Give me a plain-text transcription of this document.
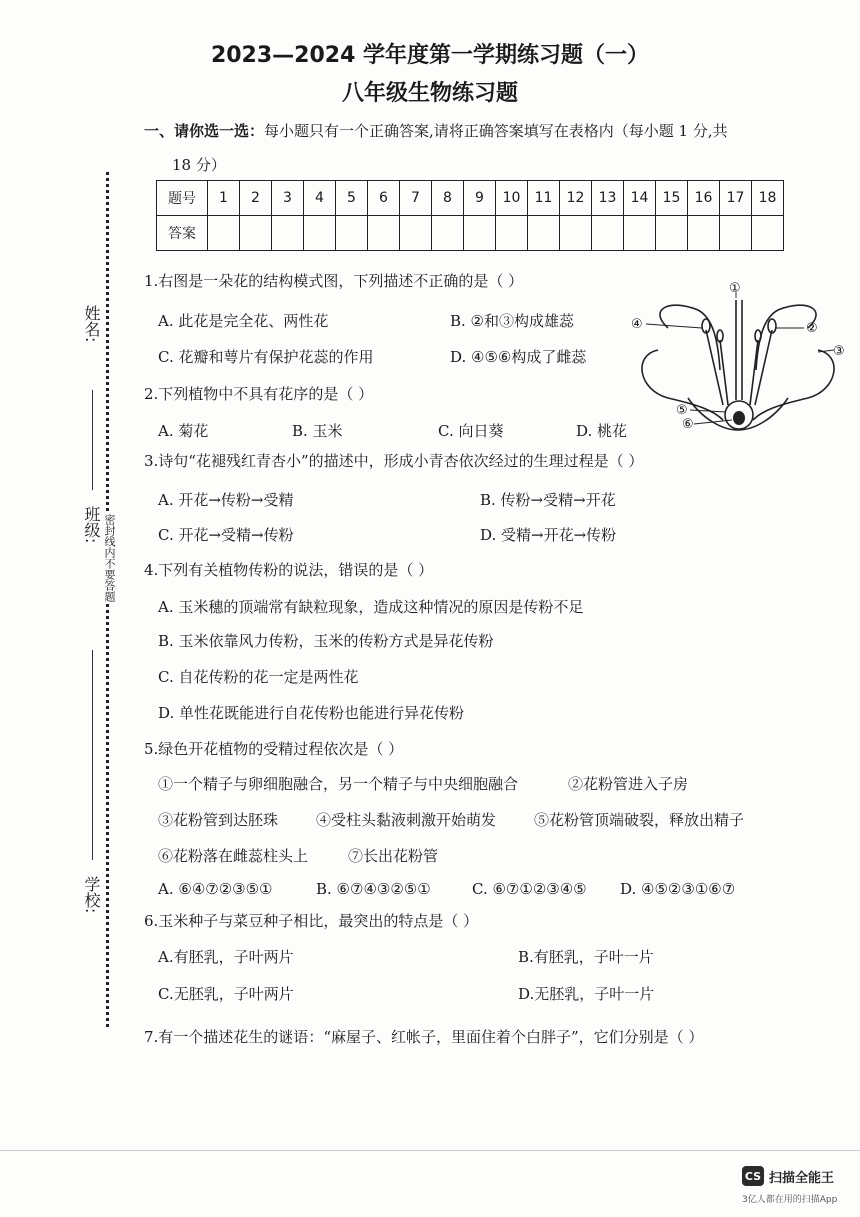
2023—2024 学年度第一学期练习题（一）
八年级生物练习题
一、请你选一选：每小题只有一个正确答案,请将正确答案填写在表格内（每小题 1 分,共
18 分）
题号	1	2	3	4	5	6	7	8	9	10	11	12	13	14	15	16	17	18
答案																		
姓名:
班级:
学校:
密封线内不要答题
1.右图是一朵花的结构模式图，下列描述不正确的是（ ）
A. 此花是完全花、两性花	B. ②和③构成雄蕊
C. 花瓣和萼片有保护花蕊的作用	D. ④⑤⑥构成了雌蕊
①
②
③
④
⑤
⑥
2.下列植物中不具有花序的是（ ）
A. 菊花	B. 玉米	C. 向日葵	D. 桃花
3.诗句“花褪残红青杏小”的描述中，形成小青杏依次经过的生理过程是（ ）
A. 开花→传粉→受精	B. 传粉→受精→开花
C. 开花→受精→传粉	D. 受精→开花→传粉
4.下列有关植物传粉的说法，错误的是（ ）
A. 玉米穗的顶端常有缺粒现象，造成这种情况的原因是传粉不足
B. 玉米依靠风力传粉，玉米的传粉方式是异花传粉
C. 自花传粉的花一定是两性花
D. 单性花既能进行自花传粉也能进行异花传粉
5.绿色开花植物的受精过程依次是（ ）
①一个精子与卵细胞融合，另一个精子与中央细胞融合	②花粉管进入子房
③花粉管到达胚珠	④受柱头黏液刺激开始萌发	⑤花粉管顶端破裂，释放出精子
⑥花粉落在雌蕊柱头上	⑦长出花粉管
A. ⑥④⑦②③⑤①	B. ⑥⑦④③②⑤①	C. ⑥⑦①②③④⑤ D. ④⑤②③①⑥⑦
6.玉米种子与菜豆种子相比，最突出的特点是（ ）
A.有胚乳，子叶两片	B.有胚乳，子叶一片
C.无胚乳，子叶两片	D.无胚乳，子叶一片
7.有一个描述花生的谜语：“麻屋子、红帐子，里面住着个白胖子”，它们分别是（ ）
CS 扫描全能王
3亿人都在用的扫描App
